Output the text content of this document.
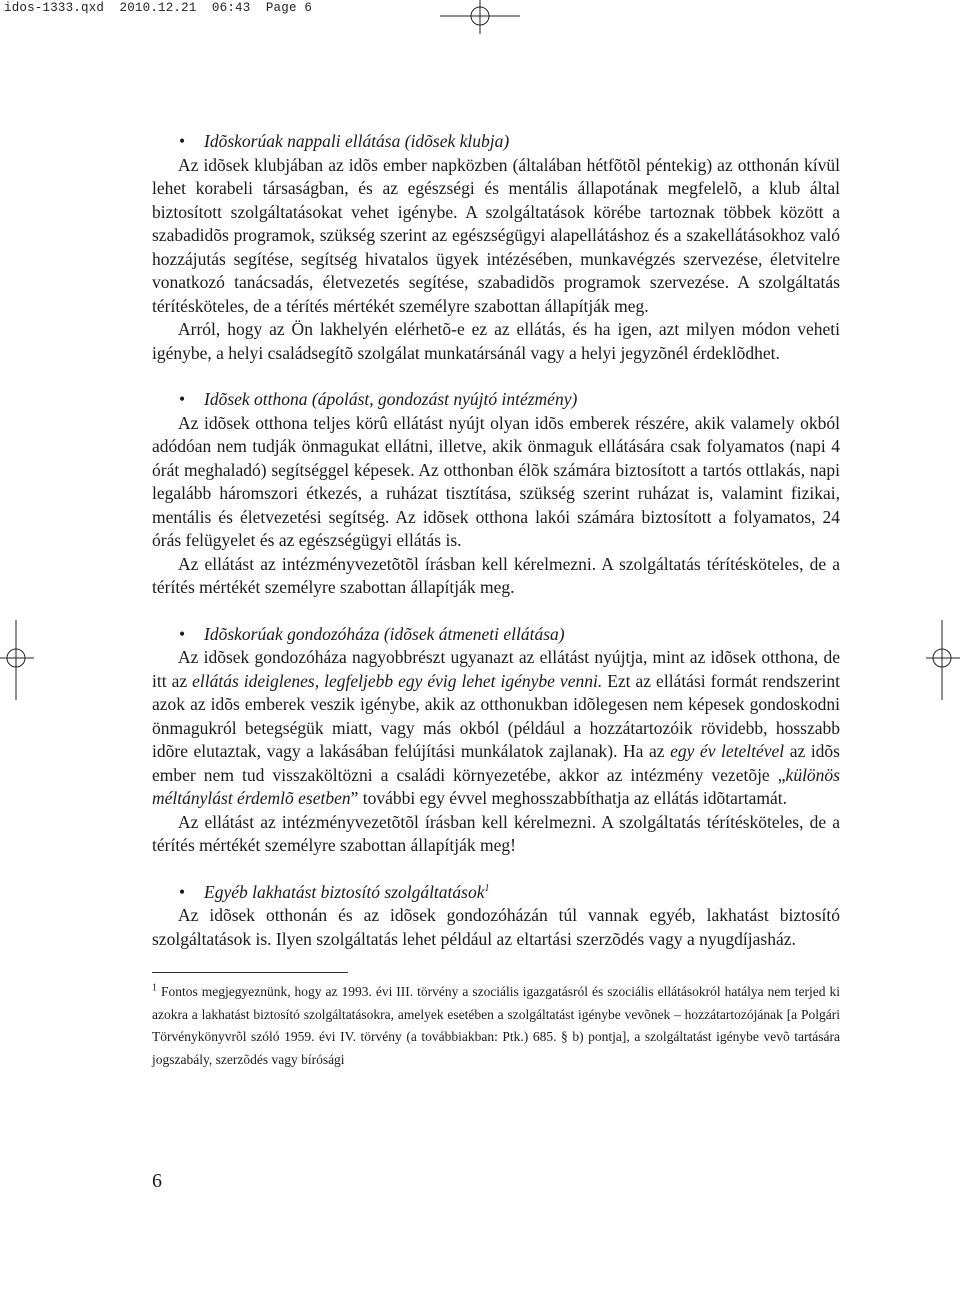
idos-1333.qxd  2010.12.21  06:43  Page 6
• Idõskorúak nappali ellátása (idõsek klubja)

Az idõsek klubjában az idõs ember napközben (általában hétfõtõl péntekig) az otthonán kívül lehet korabeli társaságban, és az egészségi és mentális állapotának megfelelõ, a klub által biztosított szolgáltatásokat vehet igénybe. A szolgáltatások körébe tartoznak többek között a szabadidõs programok, szükség szerint az egészségügyi alapellátáshoz és a szakellátásokhoz való hozzájutás segítése, segítség hivatalos ügyek intézésében, munkavégzés szervezése, életvitelre vonatkozó tanácsadás, életvezetés segítése, szabadidõs programok szervezése. A szolgáltatás térítésköteles, de a térítés mértékét személyre szabottan állapítják meg.

Arról, hogy az Ön lakhelyén elérhetõ-e ez az ellátás, és ha igen, azt milyen módon veheti igénybe, a helyi családsegítõ szolgálat munkatársánál vagy a helyi jegyzõnél érdeklõdhet.

• Idõsek otthona (ápolást, gondozást nyújtó intézmény)

Az idõsek otthona teljes körû ellátást nyújt olyan idõs emberek részére, akik valamely okból adódóan nem tudják önmagukat ellátni, illetve, akik önmaguk ellátására csak folyamatos (napi 4 órát meghaladó) segítséggel képesek. Az otthonban élõk számára biztosított a tartós ottlakás, napi legalább háromszori étkezés, a ruházat tisztítása, szükség szerint ruházat is, valamint fizikai, mentális és életvezetési segítség. Az idõsek otthona lakói számára biztosított a folyamatos, 24 órás felügyelet és az egészségügyi ellátás is.

Az ellátást az intézményvezetõtõl írásban kell kérelmezni. A szolgáltatás térítésköteles, de a térítés mértékét személyre szabottan állapítják meg.

• Idõskorúak gondozóháza (idõsek átmeneti ellátása)

Az idõsek gondozóháza nagyobbrészt ugyanazt az ellátást nyújtja, mint az idõsek otthona, de itt az ellátás ideiglenes, legfeljebb egy évig lehet igénybe venni. Ezt az ellátási formát rendszerint azok az idõs emberek veszik igénybe, akik az otthonukban idõlegesen nem képesek gondoskodni önmagukról betegségük miatt, vagy más okból (például a hozzátartozóik rövidebb, hosszabb idõre elutaztak, vagy a lakásában felújítási munkálatok zajlanak). Ha az egy év leteltével az idõs ember nem tud visszaköltözni a családi környezetébe, akkor az intézmény vezetõje „különös méltánylást érdemlõ esetben” további egy évvel meghosszabbíthatja az ellátás idõtartamát.

Az ellátást az intézményvezetõtõl írásban kell kérelmezni. A szolgáltatás térítésköteles, de a térítés mértékét személyre szabottan állapítják meg!

• Egyéb lakhatást biztosító szolgáltatások$^1$

Az idõsek otthonán és az idõsek gondozóházán túl vannak egyéb, lakhatást biztosító szolgáltatások is. Ilyen szolgáltatás lehet például az eltartási szerzõdés vagy a nyugdíjasház.

$^1$ Fontos megjegyeznünk, hogy az 1993. évi III. törvény a szociális igazgatásról és szociális ellátásokról hatálya nem terjed ki azokra a lakhatást biztosító szolgáltatásokra, amelyek esetében a szolgáltatást igénybe vevõnek – hozzátartozójának [a Polgári Törvénykönyvrõl szóló 1959. évi IV. törvény (a továbbiakban: Ptk.) 685. § b) pontja], a szolgáltatást igénybe vevõ tartására jogszabály, szerzõdés vagy bírósági

6
